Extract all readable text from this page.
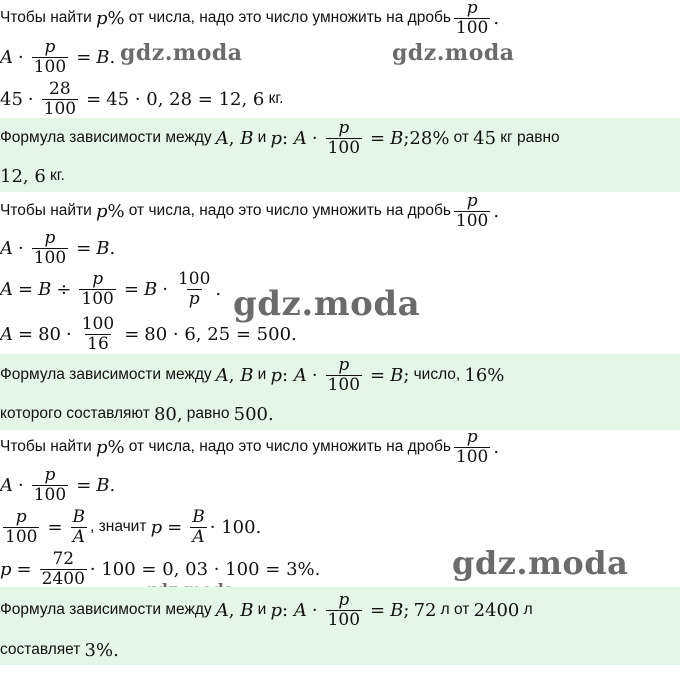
gdz.moda	gdz.moda
gdz.moda
gdz.moda
Чтобы найти
p %
от числа, надо это число умножить на дробь $\frac{p}{100}$ .
$A \cdot \frac{p}{100} = B$ .
$45 \cdot \frac{28}{100} = 45 \cdot 0$, 28 = 12, 6
кг.
Формула зависимости между
A , B
и
p : $A \cdot \frac{p}{100} = B$ ; 28%
от
45
кг равно
12, 6
кг.
Чтобы найти
p %
от числа, надо это число умножить на дробь $\frac{p}{100}$ .
$A \cdot \frac{p}{100} = B$ .
$A = B \div \frac{p}{100} = B \cdot \frac{100}{p}$ .
$A = 80 \cdot \frac{100}{16} = 80 \cdot 6$, 25 = 500.
Формула зависимости между
A , B
и
p : $A \cdot \frac{p}{100} = B$ ;
число,
16%
которого составляют
80,
равно
500.
Чтобы найти
p %
от числа, надо это число умножить на дробь $\frac{p}{100}$ .
$A \cdot \frac{p}{100} = B$ .
$\frac{p}{100} = \frac{B}{A}$ , значит
$p = \frac{B}{A} \cdot 100$.
$p = \frac{72}{2400} \cdot 100 = 0$, 03 · 100 = 3%.
Формула зависимости между
A , B
и
p : $A \cdot \frac{p}{100} = B$ ;
72
л от
2400
л
составляет
3%.
